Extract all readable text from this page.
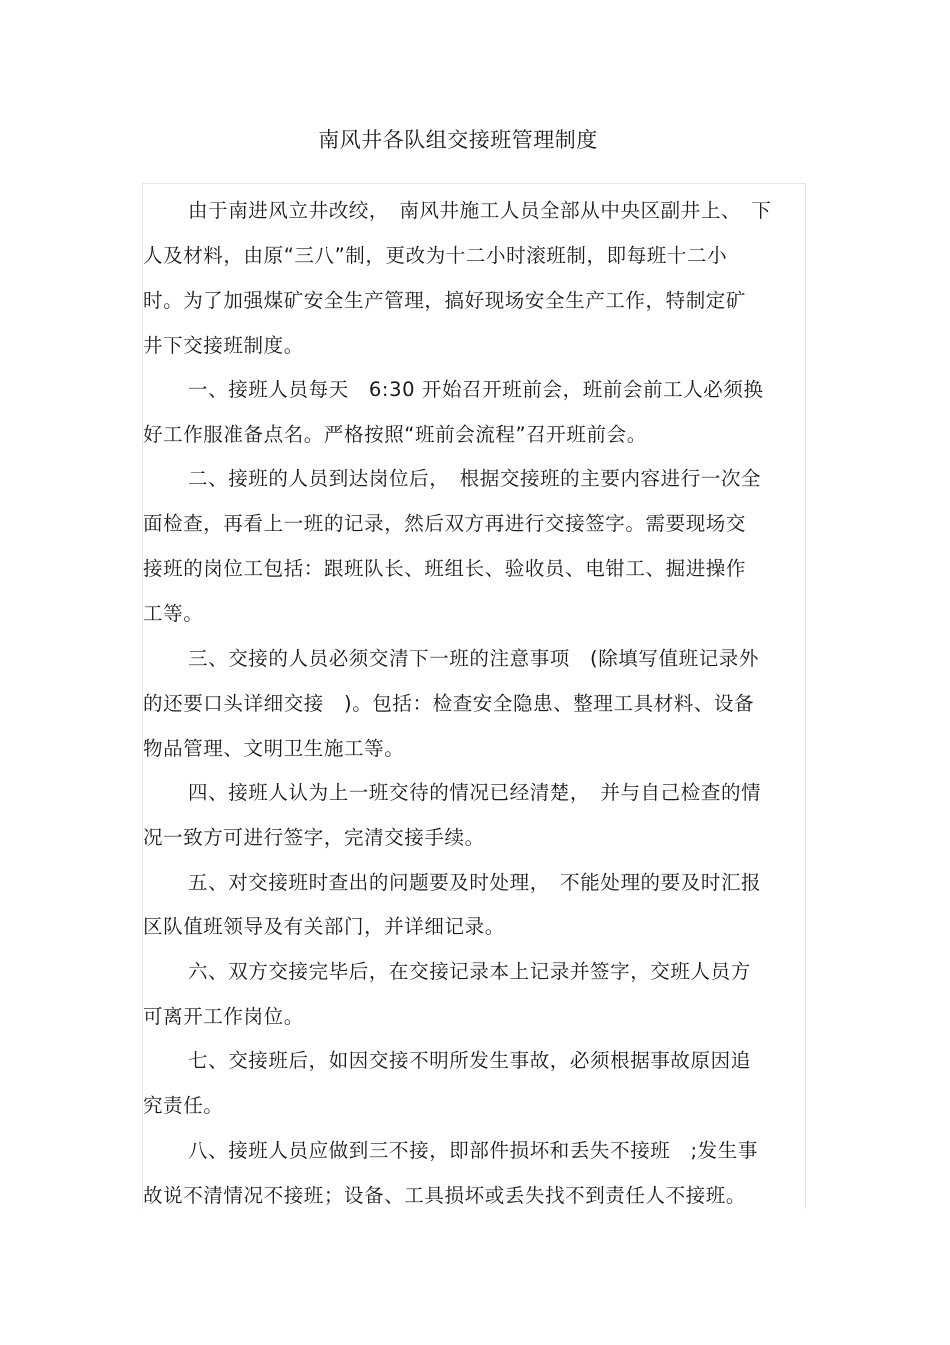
南风井各队组交接班管理制度
由于南进风立井改绞，　南风井施工人员全部从中央区副井上、　下
人及材料，由原“三八”制，更改为十二小时滚班制，即每班十二小
时。为了加强煤矿安全生产管理，搞好现场安全生产工作，特制定矿
井下交接班制度。
一、接班人员每天　6:30 开始召开班前会，班前会前工人必须换
好工作服准备点名。严格按照“班前会流程”召开班前会。
二、接班的人员到达岗位后，　根据交接班的主要内容进行一次全
面检查，再看上一班的记录，然后双方再进行交接签字。需要现场交
接班的岗位工包括：跟班队长、班组长、验收员、电钳工、掘进操作
工等。
三、交接的人员必须交清下一班的注意事项　(除填写值班记录外
的还要口头详细交接　)。包括：检查安全隐患、整理工具材料、设备
物品管理、文明卫生施工等。
四、接班人认为上一班交待的情况已经清楚，　并与自己检查的情
况一致方可进行签字，完清交接手续。
五、对交接班时查出的问题要及时处理，　不能处理的要及时汇报
区队值班领导及有关部门，并详细记录。
六、双方交接完毕后，在交接记录本上记录并签字，交班人员方
可离开工作岗位。
七、交接班后，如因交接不明所发生事故，必须根据事故原因追
究责任。
八、接班人员应做到三不接，即部件损坏和丢失不接班　;发生事
故说不清情况不接班；设备、工具损坏或丢失找不到责任人不接班。
